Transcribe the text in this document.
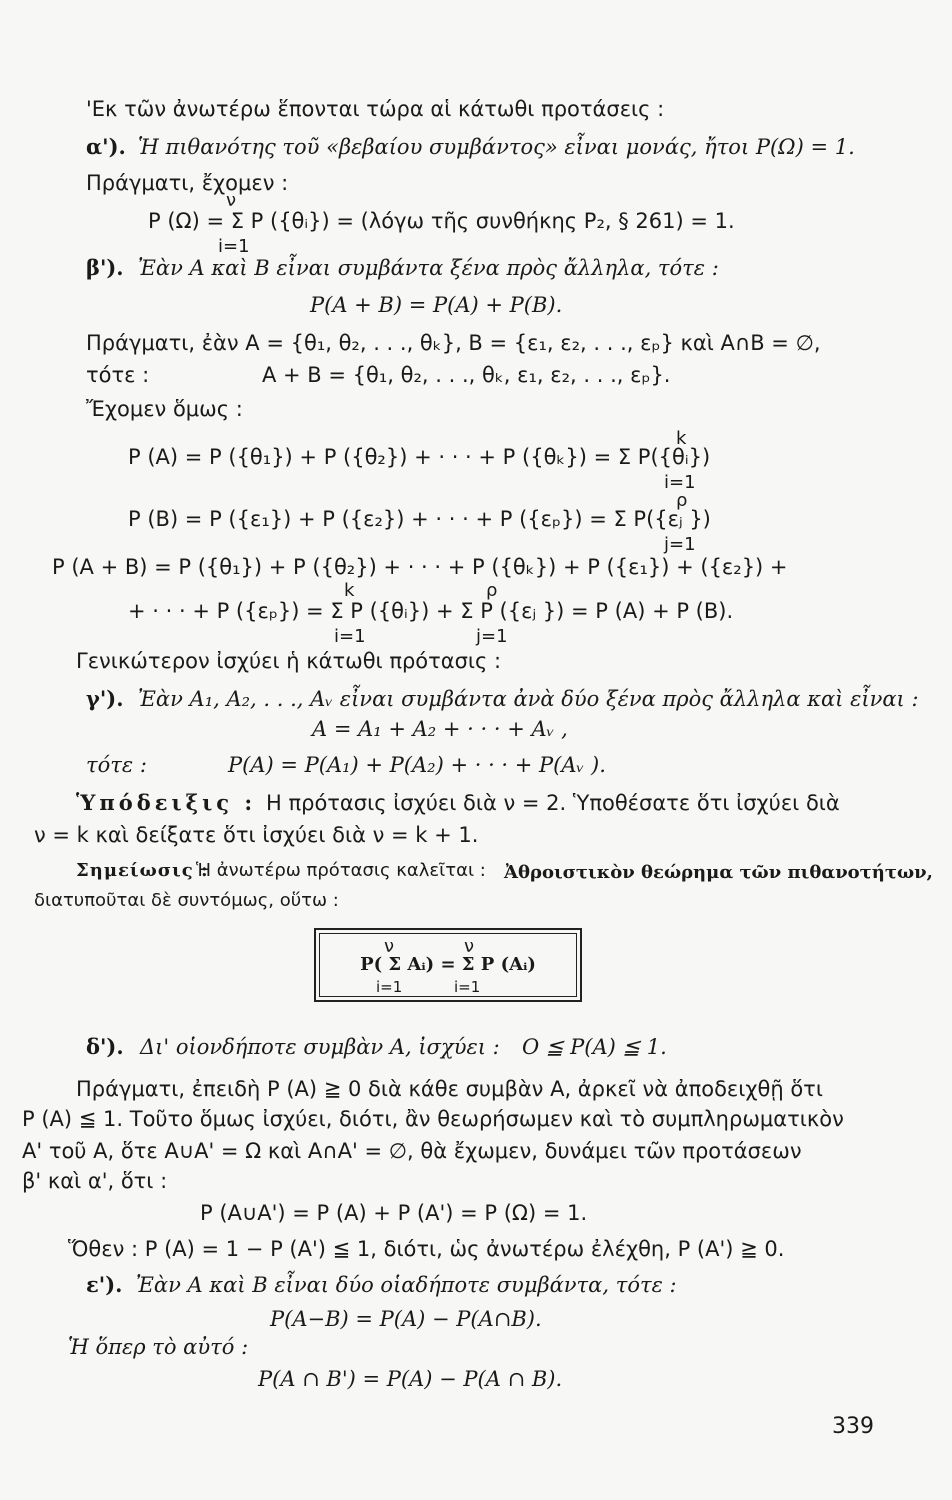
'Εκ τῶν ἀνωτέρω ἕπονται τώρα αἱ κάτωθι προτάσεις :
α'). Ἡ πιθανότης τοῦ «βεβαίου συμβάντος» εἶναι μονάς, ἤτοι P(Ω) = 1.
Πράγματι, ἔχομεν :
ν
P (Ω) = Σ P ({θᵢ}) = (λόγω τῆς συνθήκης P₂, § 261) = 1.
i=1
β'). Ἐὰν A καὶ B εἶναι συμβάντα ξένα πρὸς ἄλληλα, τότε :
P(A + B) = P(A) + P(B).
Πράγματι, ἐὰν A = {θ₁, θ₂, . . ., θₖ}, B = {ε₁, ε₂, . . ., εₚ} καὶ A∩B = ∅,
τότε :	A + B = {θ₁, θ₂, . . ., θₖ, ε₁, ε₂, . . ., εₚ}.
Ἔχομεν ὅμως :
k
P (A) = P ({θ₁}) + P ({θ₂}) + · · · + P ({θₖ}) = Σ P({θᵢ})
i=1
ρ
P (B) = P ({ε₁}) + P ({ε₂}) + · · · + P ({εₚ}) = Σ P({εⱼ })
j=1
P (A + B) = P ({θ₁}) + P ({θ₂}) + · · · + P ({θₖ}) + P ({ε₁}) + ({ε₂}) +
k	ρ
+ · · · + P ({εₚ}) = Σ P ({θᵢ}) + Σ P ({εⱼ }) = P (A) + P (B).
i=1	j=1
Γενικώτερον ἰσχύει ἡ κάτωθι πρότασις :
γ'). Ἐὰν A₁, A₂, . . ., Aᵥ εἶναι συμβάντα ἀνὰ δύο ξένα πρὸς ἄλληλα καὶ εἶναι :
A = A₁ + A₂ + · · · + Aᵥ ,
τότε :	P(A) = P(A₁) + P(A₂) + · · · + P(Aᵥ ).
Ὑπόδειξις : Η πρότασις ἰσχύει διὰ ν = 2. Ὑποθέσατε ὅτι ἰσχύει διὰ
ν = k καὶ δείξατε ὅτι ἰσχύει διὰ ν = k + 1.
Σημείωσις :
Ἡ ἀνωτέρω πρότασις καλεῖται : Ἀθροιστικὸν θεώρημα τῶν πιθανοτήτων,
διατυποῦται δὲ συντόμως, οὕτω :
ν	ν
P( Σ Aᵢ) = Σ P (Aᵢ)
i=1	i=1
δ'). Δι' οἱονδήποτε συμβὰν A, ἰσχύει : O ≦ P(A) ≦ 1.
Πράγματι, ἐπειδὴ P (A) ≧ 0 διὰ κάθε συμβὰν A, ἀρκεῖ νὰ ἀποδειχθῇ ὅτι
P (A) ≦ 1. Τοῦτο ὅμως ἰσχύει, διότι, ἂν θεωρήσωμεν καὶ τὸ συμπληρωματικὸν
A' τοῦ A, ὅτε A∪A' = Ω καὶ A∩A' = ∅, θὰ ἔχωμεν, δυνάμει τῶν προτάσεων
β' καὶ α', ὅτι :
P (A∪A') = P (A) + P (A') = P (Ω) = 1.
Ὅθεν : P (A) = 1 − P (A') ≦ 1, διότι, ὡς ἀνωτέρω ἐλέχθη, P (A') ≧ 0.
ε'). Ἐὰν A καὶ B εἶναι δύο οἱαδήποτε συμβάντα, τότε :
P(A−B) = P(A) − P(A∩B).
Ἡ ὅπερ τὸ αὐτό :
P(A ∩ B') = P(A) − P(A ∩ B).
339
